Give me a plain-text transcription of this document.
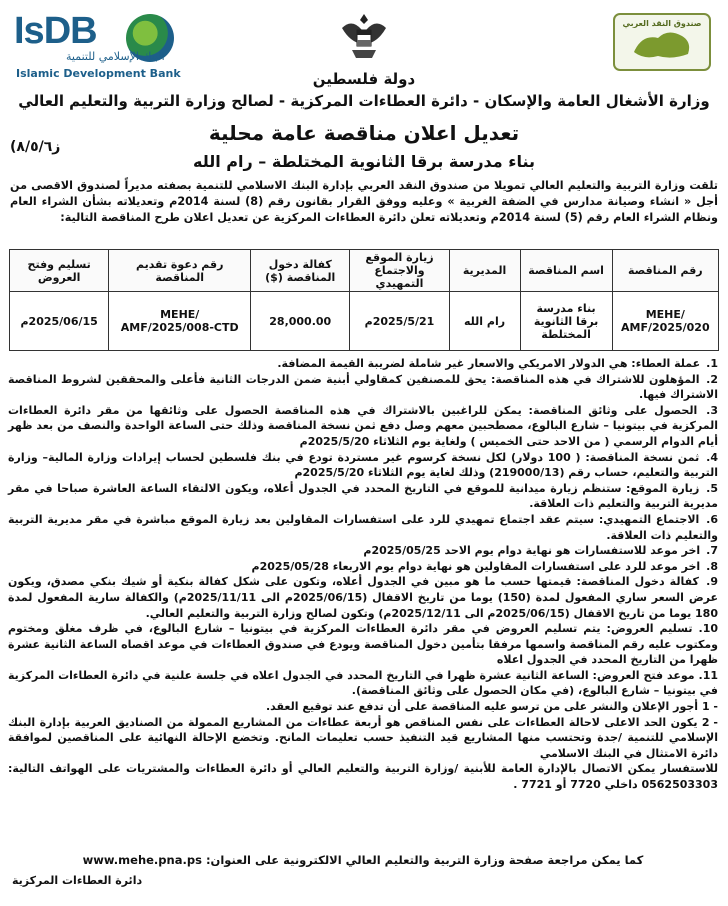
IsDB
البنك الإسلامي للتنمية
Islamic Development Bank
صندوق النقد العربي
دولة فلسطين
وزارة الأشغال العامة والإسكان - دائرة العطاءات المركزية - لصالح وزارة التربية والتعليم العالي
تعديل اعلان مناقصة عامة محلية
ز٨/٥/٦)
بناء مدرسة برقا الثانوية المختلطة – رام الله
تلقت وزارة التربية والتعليم العالي تمويلا من صندوق النقد العربي بإدارة البنك الاسلامي للتنمية بصفته مديراً لصندوق الاقصى من أجل « انشاء وصيانة مدارس في الضفة الغربية » وعليه ووفق القرار بقانون رقم (8) لسنة 2014م وتعديلاته بشأن الشراء العام ونظام الشراء العام رقم (5) لسنة 2014م وتعديلاته تعلن دائرة العطاءات المركزية عن تعديل اعلان طرح المناقصة التالية:
رقم المناقصة	اسم المناقصة	المديرية	زيارة الموقع والاجتماع التمهيدي	كفالة دخول المناقصة ($)	رقم دعوة تقديم المناقصة	تسليم وفتح العروض
MEHE/ AMF/2025/020	بناء مدرسة برقا الثانوية المختلطة	رام الله	2025/5/21م	28,000.00	MEHE/ AMF/2025/008-CTD	2025/06/15م
1. عملة العطاء: هي الدولار الامريكي والاسعار غير شاملة لضريبة القيمة المضافة.
2. المؤهلون للاشتراك في هذه المناقصة: يحق للمصنفين كمقاولي أبنية ضمن الدرجات الثانية فأعلى والمحققين لشروط المناقصة الاشتراك فيها.
3. الحصول على وثائق المناقصة: يمكن للراغبين بالاشتراك في هذه المناقصة الحصول على وثائقها من مقر دائرة العطاءات المركزية في بيتونيا – شارع البالوع، مصطحبين معهم وصل دفع ثمن نسخة المناقصة وذلك حتى الساعة الواحدة والنصف من بعد ظهر أيام الدوام الرسمي ( من الاحد حتى الخميس ) ولغاية يوم الثلاثاء 2025/5/20م
4. ثمن نسخة المناقصة: ( 100 دولار) لكل نسخة كرسوم غير مستردة تودع في بنك فلسطين لحساب إيرادات وزارة المالية– وزارة التربية والتعليم، حساب رقم (219000/13) وذلك لغاية يوم الثلاثاء 2025/5/20م
5. زيارة الموقع: ستنظم زيارة ميدانية للموقع في التاريخ المحدد في الجدول أعلاه، ويكون الالتقاء الساعة العاشرة صباحا في مقر مديرية التربية والتعليم ذات العلاقة.
6. الاجتماع التمهيدي: سيتم عقد اجتماع تمهيدي للرد على استفسارات المقاولين بعد زيارة الموقع مباشرة في مقر مديرية التربية والتعليم ذات العلاقة.
7. اخر موعد للاستفسارات هو نهاية دوام يوم الاحد 2025/05/25م
8. اخر موعد للرد على استفسارات المقاولين هو نهاية دوام يوم الاربعاء 2025/05/28م
9. كفالة دخول المناقصة: قيمتها حسب ما هو مبين في الجدول أعلاه، وتكون على شكل كفالة بنكية أو شيك بنكي مصدق، ويكون عرض السعر ساري المفعول لمدة (150) يوما من تاريخ الاقفال (2025/06/15م الى 2025/11/11م) والكفالة سارية المفعول لمدة 180 يوما من تاريخ الاقفال (2025/06/15م الى 2025/12/11م) وتكون لصالح وزارة التربية والتعليم العالي.
10. تسليم العروض: يتم تسليم العروض في مقر دائرة العطاءات المركزية في بيتونيا – شارع البالوع، في ظرف مغلق ومختوم ومكتوب عليه رقم المناقصة واسمها مرفقا بتأمين دخول المناقصة ويودع في صندوق العطاءات في موعد اقصاه الساعة الثانية عشرة ظهرا من التاريخ المحدد في الجدول اعلاه
11. موعد فتح العروض: الساعة الثانية عشرة ظهرا في التاريخ المحدد في الجدول اعلاه في جلسة علنية في دائرة العطاءات المركزية في بيتونيا – شارع البالوع، (في مكان الحصول على وثائق المناقصة).
- 1 أجور الإعلان والنشر على من ترسو عليه المناقصة على أن تدفع عند توقيع العقد.
- 2 يكون الحد الاعلى لاحالة العطاءات على نفس المناقص هو أربعة عطاءات من المشاريع الممولة من الصناديق العربية بإدارة البنك الإسلامي للتنمية /جدة وتحتسب منها المشاريع قيد التنفيذ حسب تعليمات المانح. وتخضع الإحالة النهائية على المناقصين لموافقة دائرة الامتثال في البنك الاسلامي
للاستفسار يمكن الاتصال بالإدارة العامة للأبنية /وزارة التربية والتعليم العالي أو دائرة العطاءات والمشتريات على الهواتف التالية: 0562503303 داخلي 7720 أو 7721 .
كما يمكن مراجعة صفحة وزارة التربية والتعليم العالي الالكترونية على العنوان: www.mehe.pna.ps
دائرة العطاءات المركزية
